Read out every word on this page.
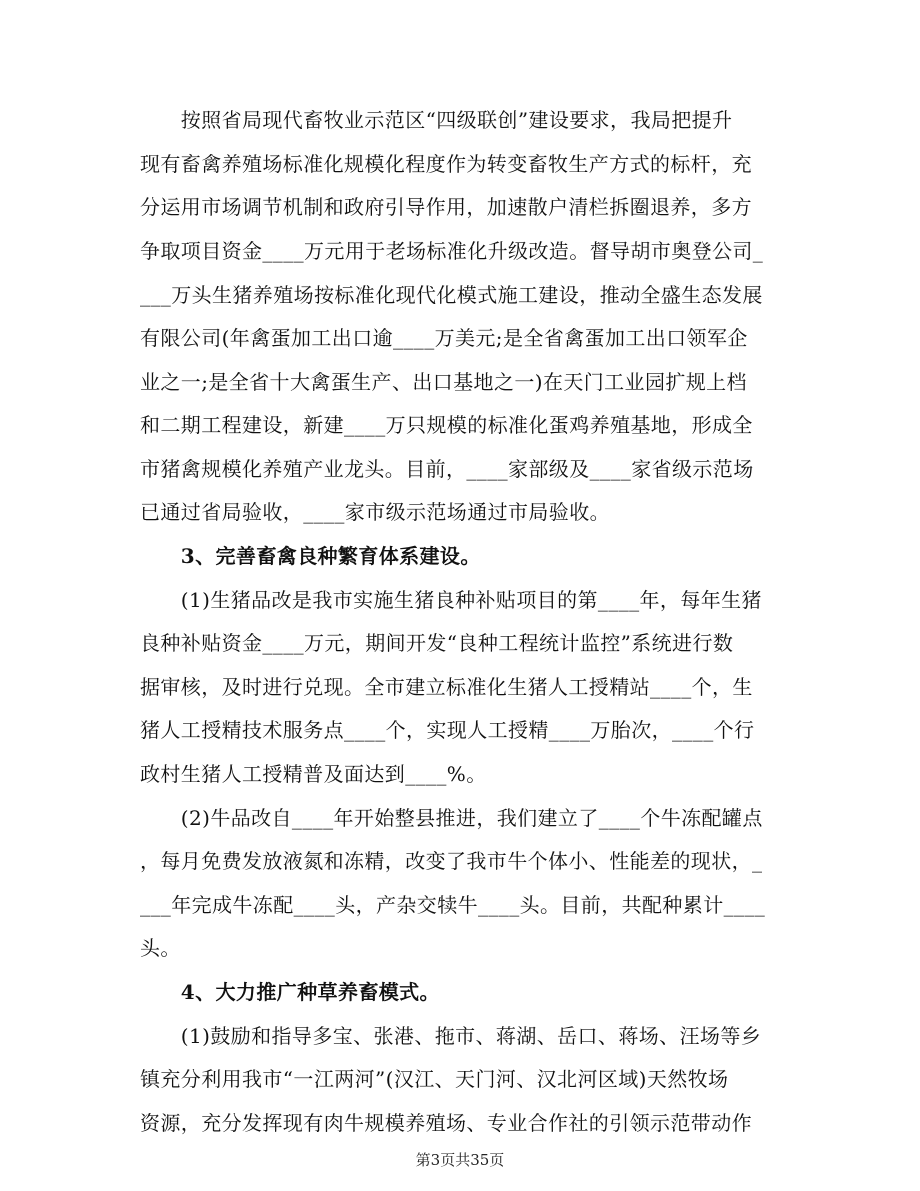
　　按照省局现代畜牧业示范区“四级联创”建设要求，我局把提升
现有畜禽养殖场标准化规模化程度作为转变畜牧生产方式的标杆，充
分运用市场调节机制和政府引导作用，加速散户清栏拆圈退养，多方
争取项目资金____万元用于老场标准化升级改造。督导胡市奥登公司_
___万头生猪养殖场按标准化现代化模式施工建设，推动全盛生态发展
有限公司(年禽蛋加工出口逾____万美元;是全省禽蛋加工出口领军企
业之一;是全省十大禽蛋生产、出口基地之一)在天门工业园扩规上档
和二期工程建设，新建____万只规模的标准化蛋鸡养殖基地，形成全
市猪禽规模化养殖产业龙头。目前，____家部级及____家省级示范场
已通过省局验收，____家市级示范场通过市局验收。
　　3、完善畜禽良种繁育体系建设。
　　(1)生猪品改是我市实施生猪良种补贴项目的第____年，每年生猪
良种补贴资金____万元，期间开发“良种工程统计监控”系统进行数
据审核，及时进行兑现。全市建立标准化生猪人工授精站____个，生
猪人工授精技术服务点____个，实现人工授精____万胎次，____个行
政村生猪人工授精普及面达到____%。
　　(2)牛品改自____年开始整县推进，我们建立了____个牛冻配罐点
，每月免费发放液氮和冻精，改变了我市牛个体小、性能差的现状，_
___年完成牛冻配____头，产杂交犊牛____头。目前，共配种累计____
头。
　　4、大力推广种草养畜模式。
　　(1)鼓励和指导多宝、张港、拖市、蒋湖、岳口、蒋场、汪场等乡
镇充分利用我市“一江两河”(汉江、天门河、汉北河区域)天然牧场
资源，充分发挥现有肉牛规模养殖场、专业合作社的引领示范带动作
第3页共35页
